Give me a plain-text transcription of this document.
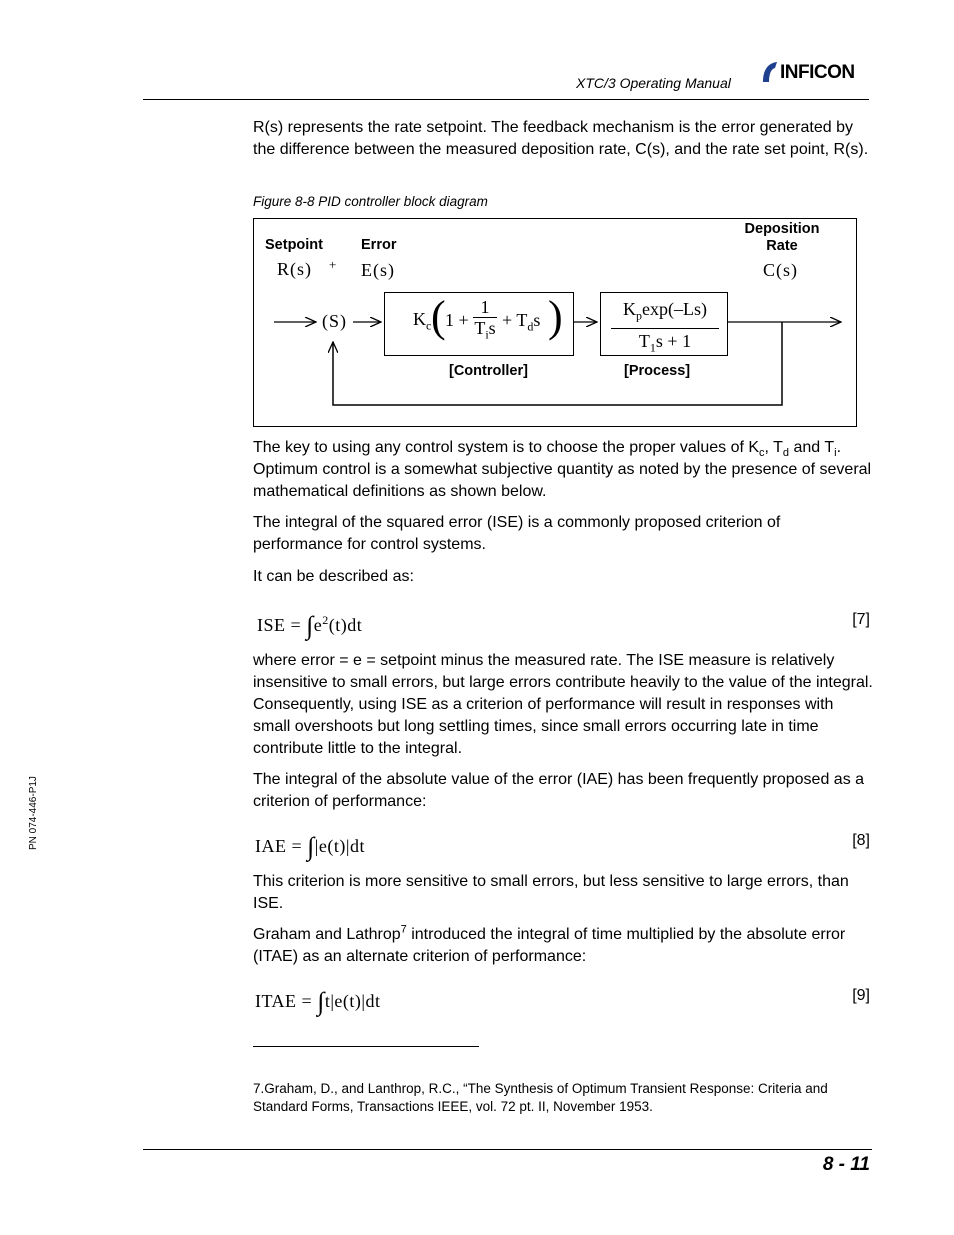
XTC/3 Operating Manual	INFICON
R(s) represents the rate setpoint. The feedback mechanism is the error generated by the difference between the measured deposition rate, C(s), and the rate set point, R(s).
Figure 8-8 PID controller block diagram
Setpoint	Error
Deposition
Rate
R(s) + E(s)	C(s)
(S)	$K_c$ ( 1 +
1
$T_is + T_ds$ )	$K_p\exp(-Ls)$
$T_1s + 1$
[Controller]	[Process]
The key to using any control system is to choose the proper values of $K_c$, $T_d$ and $T_i$. Optimum control is a somewhat subjective quantity as noted by the presence of several mathematical definitions as shown below.
The integral of the squared error (ISE) is a commonly proposed criterion of performance for control systems.
It can be described as:
ISE = $\int e^2(t)dt$	[7]
where error = e = setpoint minus the measured rate. The ISE measure is relatively insensitive to small errors, but large errors contribute heavily to the value of the integral. Consequently, using ISE as a criterion of performance will result in responses with small overshoots but long settling times, since small errors occurring late in time contribute little to the integral.
The integral of the absolute value of the error (IAE) has been frequently proposed as a criterion of performance:
IAE = ∫|e(t)|dt	[8]
This criterion is more sensitive to small errors, but less sensitive to large errors, than ISE.
Graham and Lathrop$^7$ introduced the integral of time multiplied by the absolute error (ITAE) as an alternate criterion of performance:
ITAE = ∫t|e(t)|dt	[9]
7.Graham, D., and Lanthrop, R.C., “The Synthesis of Optimum Transient Response: Criteria and Standard Forms, Transactions IEEE, vol. 72 pt. II, November 1953.
PN 074-446-P1J
8 - 11
